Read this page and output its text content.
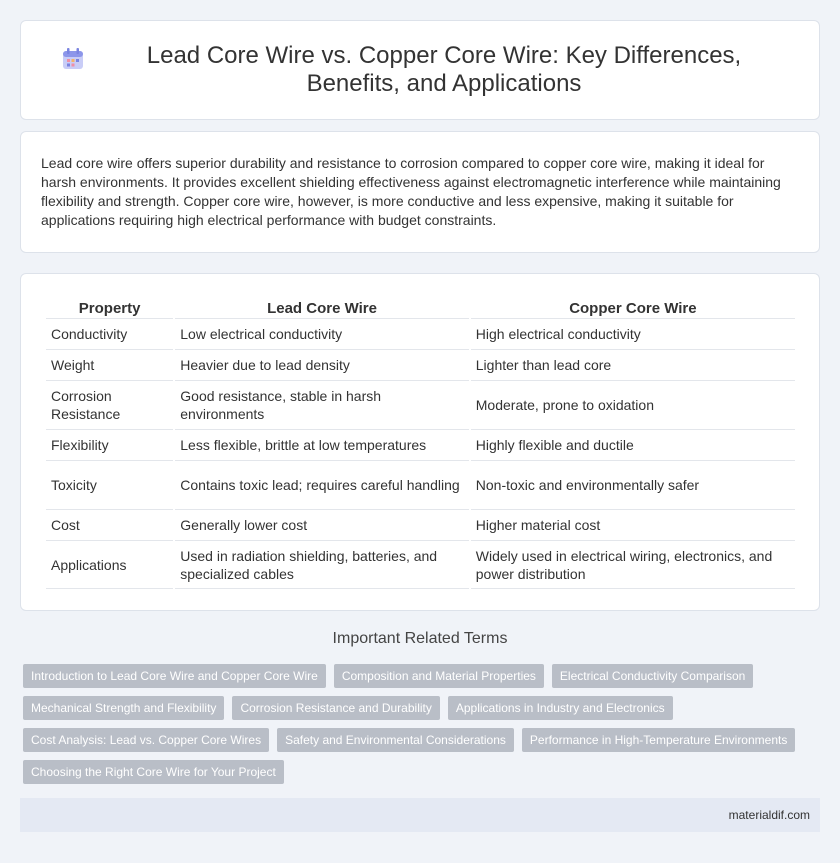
Lead Core Wire vs. Copper Core Wire: Key Differences, Benefits, and Applications

Lead core wire offers superior durability and resistance to corrosion compared to copper core wire, making it ideal for harsh environments. It provides excellent shielding effectiveness against electromagnetic interference while maintaining flexibility and strength. Copper core wire, however, is more conductive and less expensive, making it suitable for applications requiring high electrical performance with budget constraints.

Property	Lead Core Wire	Copper Core Wire
Conductivity	Low electrical conductivity	High electrical conductivity
Weight	Heavier due to lead density	Lighter than lead core
Corrosion Resistance	Good resistance, stable in harsh environments	Moderate, prone to oxidation
Flexibility	Less flexible, brittle at low temperatures	Highly flexible and ductile
Toxicity	Contains toxic lead; requires careful handling	Non-toxic and environmentally safer
Cost	Generally lower cost	Higher material cost
Applications	Used in radiation shielding, batteries, and specialized cables	Widely used in electrical wiring, electronics, and power distribution
Important Related Terms
Introduction to Lead Core Wire and Copper Core Wire	Composition and Material Properties	Electrical Conductivity Comparison
Mechanical Strength and Flexibility	Corrosion Resistance and Durability	Applications in Industry and Electronics
Cost Analysis: Lead vs. Copper Core Wires	Safety and Environmental Considerations	Performance in High-Temperature Environments
Choosing the Right Core Wire for Your Project
materialdif.com
